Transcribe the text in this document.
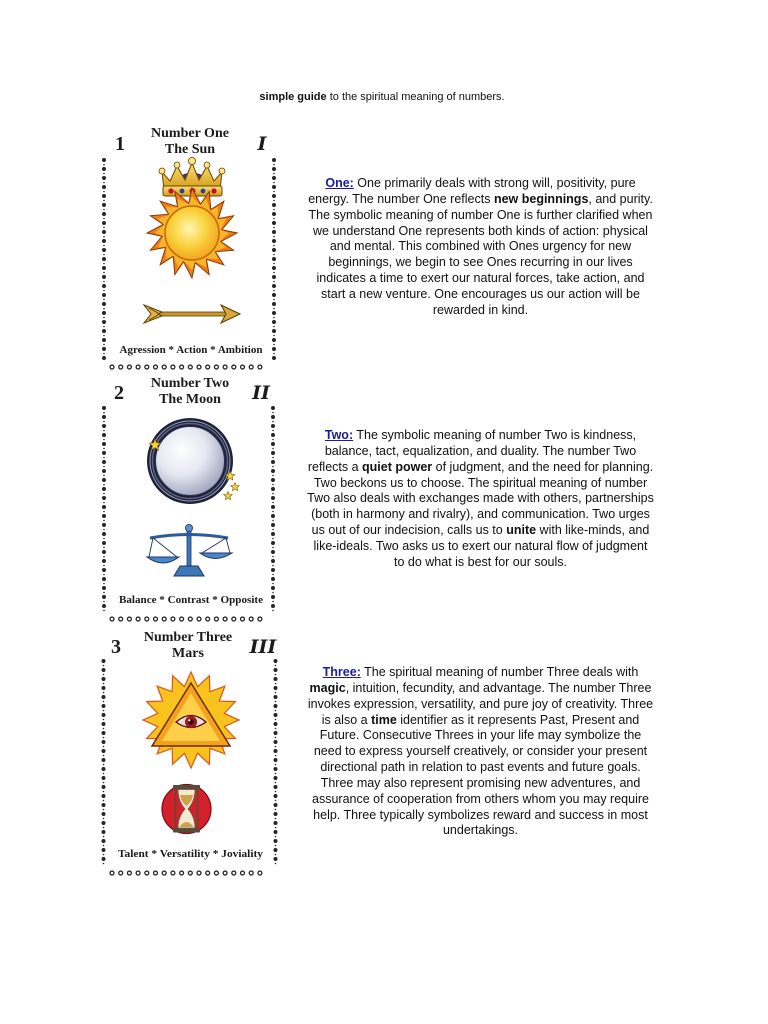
simple guide to the spiritual meaning of numbers.
1 Number One
The Sun I
Agression * Action * Ambition
2 Number Two
The Moon II
Balance * Contrast * Opposite
3 Number Three
Mars III
Talent * Versatility * Joviality
One: One primarily deals with strong will, positivity, pure
energy. The number One reflects new beginnings, and purity.
The symbolic meaning of number One is further clarified when
we understand One represents both kinds of action: physical
and mental. This combined with Ones urgency for new
beginnings, we begin to see Ones recurring in our lives
indicates a time to exert our natural forces, take action, and
start a new venture. One encourages us our action will be
rewarded in kind.
Two: The symbolic meaning of number Two is kindness,
balance, tact, equalization, and duality. The number Two
reflects a quiet power of judgment, and the need for planning.
Two beckons us to choose. The spiritual meaning of number
Two also deals with exchanges made with others, partnerships
(both in harmony and rivalry), and communication. Two urges
us out of our indecision, calls us to unite with like-minds, and
like-ideals. Two asks us to exert our natural flow of judgment
to do what is best for our souls.
Three: The spiritual meaning of number Three deals with
magic, intuition, fecundity, and advantage. The number Three
invokes expression, versatility, and pure joy of creativity. Three
is also a time identifier as it represents Past, Present and
Future. Consecutive Threes in your life may symbolize the
need to express yourself creatively, or consider your present
directional path in relation to past events and future goals.
Three may also represent promising new adventures, and
assurance of cooperation from others whom you may require
help. Three typically symbolizes reward and success in most
undertakings.
